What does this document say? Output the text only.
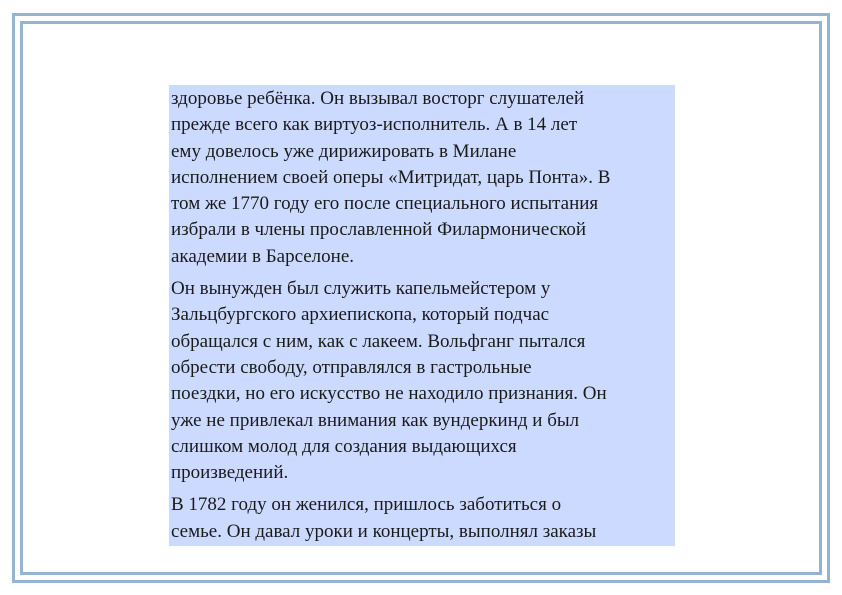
здоровье ребёнка. Он вызывал восторг слушателей
прежде всего как виртуоз-исполнитель. А в 14 лет
ему довелось уже дирижировать в Милане
исполнением своей оперы «Митридат, царь Понта». В
том же 1770 году его после специального испытания
избрали в члены прославленной Филармонической
академии в Барселоне.
Он вынужден был служить капельмейстером у
Зальцбургского архиепископа, который подчас
обращался с ним, как с лакеем. Вольфганг пытался
обрести свободу, отправлялся в гастрольные
поездки, но его искусство не находило признания. Он
уже не привлекал внимания как вундеркинд и был
слишком молод для создания выдающихся
произведений.
В 1782 году он женился, пришлось заботиться о
семье. Он давал уроки и концерты, выполнял заказы
